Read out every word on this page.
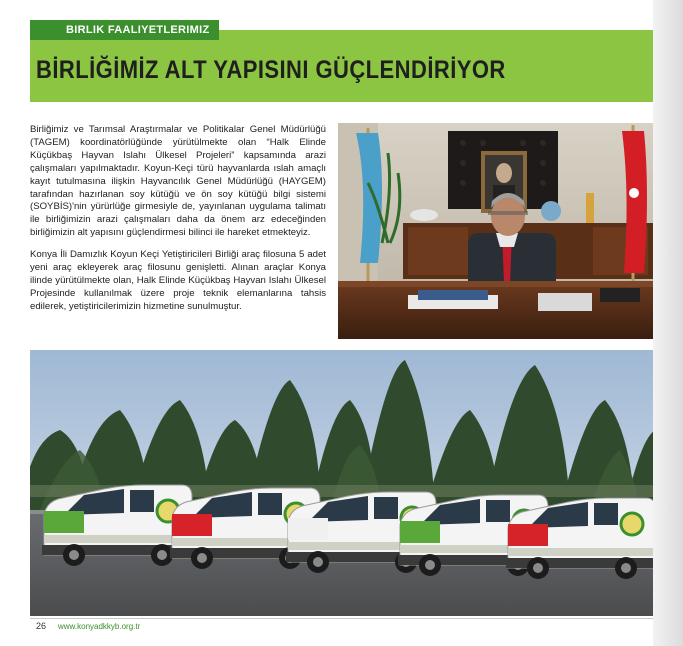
BIRLIK FAALIYETLERIMIZ
BİRLİĞİMİZ ALT YAPISINI GÜÇLENDİRİYOR

Birliğimiz ve Tarımsal Araştırmalar ve Politikalar Genel Müdürlüğü (TAGEM) koordinatörlüğünde yürütülmekte olan “Halk Elinde Küçükbaş Hayvan Islahı Ülkesel Projeleri” kapsamında arazi çalışmaları yapılmaktadır. Koyun-Keçi türü hayvanlarda ıslah amaçlı kayıt tutulmasına ilişkin Hayvancılık Genel Müdürlüğü (HAYGEM) tarafından hazırlanan soy kütüğü ve ön soy kütüğü bilgi sistemi (SOYBİS)'nin yürürlüğe girmesiyle de, yayınlanan uygulama talimatı ile birliğimizin arazi çalışmaları daha da önem arz edeceğinden birliğimizin alt yapısını güçlendirmesi bilinci ile hareket etmekteyiz.

Konya İli Damızlık Koyun Keçi Yetiştiricileri Birliği araç filosuna 5 adet yeni araç ekleyerek araç filosunu genişletti. Alınan araçlar Konya ilinde yürütülmekte olan, Halk Elinde Küçükbaş Hayvan Islahı Ülkesel Projesinde kullanılmak üzere proje teknik elemanlarına tahsis edilerek, yetiştiricilerimizin hizmetine sunulmuştur.

26 www.konyadkkyb.org.tr
